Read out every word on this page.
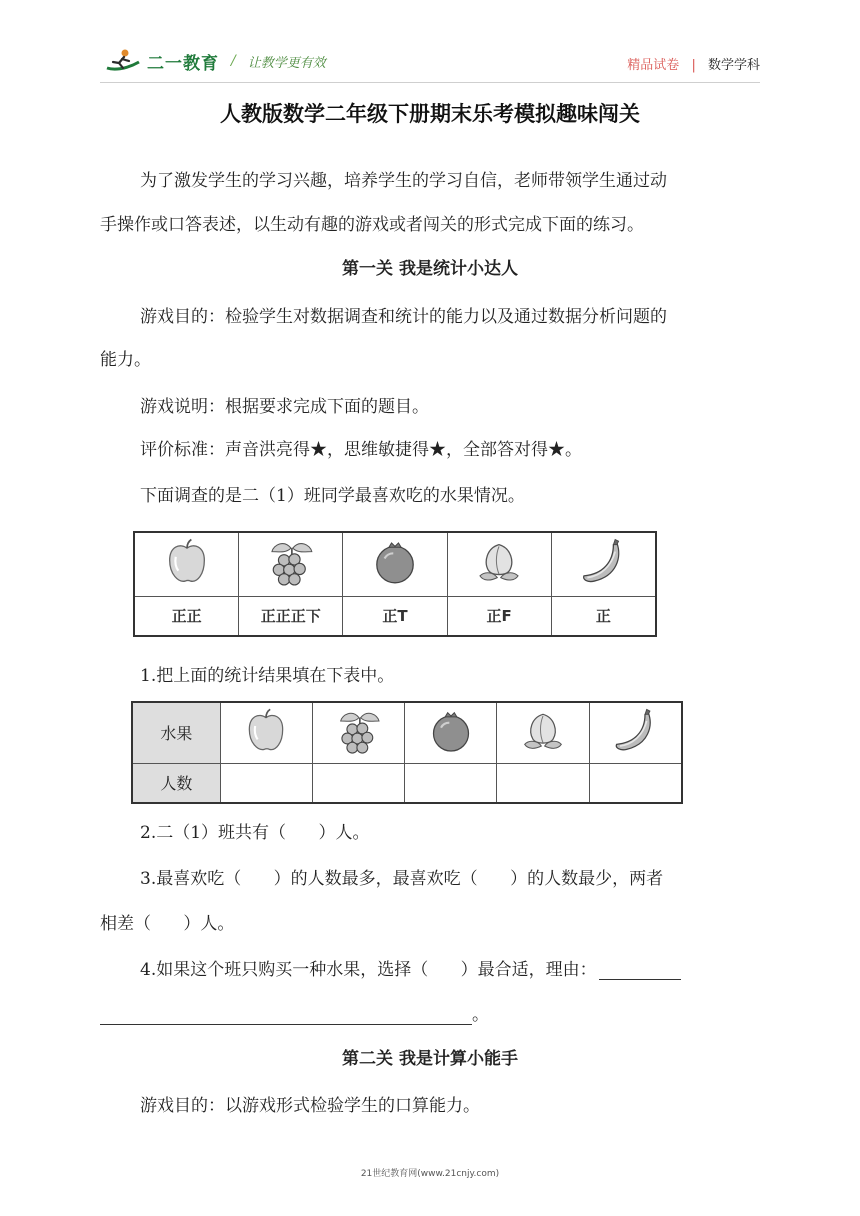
二一教育 / 让教学更有效	精品试卷 | 数学学科
人教版数学二年级下册期末乐考模拟趣味闯关
为了激发学生的学习兴趣，培养学生的学习自信，老师带领学生通过动
手操作或口答表述，以生动有趣的游戏或者闯关的形式完成下面的练习。
第一关 我是统计小达人
游戏目的：检验学生对数据调查和统计的能力以及通过数据分析问题的
能力。
游戏说明：根据要求完成下面的题目。
评价标准：声音洪亮得★，思维敏捷得★，全部答对得★。
下面调查的是二（1）班同学最喜欢吃的水果情况。

正正	正正正下	正T	正F	正
1.把上面的统计结果填在下表中。
水果					
人数					
2.二（1）班共有（      ）人。
3.最喜欢吃（      ）的人数最多，最喜欢吃（      ）的人数最少，两者
相差（      ）人。
4.如果这个班只购买一种水果，选择（      ）最合适，理由：
。
第二关 我是计算小能手
游戏目的：以游戏形式检验学生的口算能力。
21世纪教育网(www.21cnjy.com)
